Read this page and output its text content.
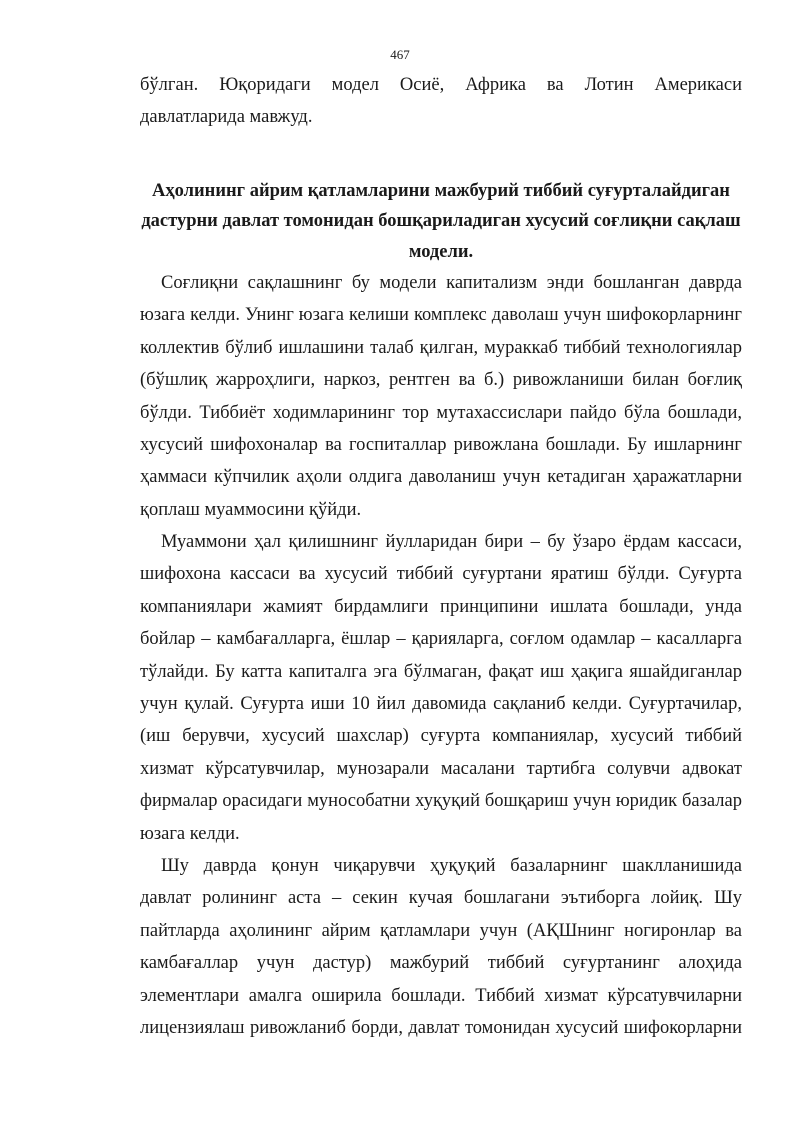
467
бўлган. Юқоридаги модел Осиё, Африка ва Лотин Америкаси
давлатларида мавжуд.
Аҳолининг айрим қатламларини мажбурий тиббий суғурталайдиган
дастурни давлат томонидан бошқариладиган хусусий соғлиқни сақлаш
модели.
Соғлиқни сақлашнинг бу модели капитализм энди бошланган даврда
юзага келди. Унинг юзага келиши комплекс даволаш учун шифокорларнинг
коллектив бўлиб ишлашини талаб қилган, мураккаб тиббий технологиялар
(бўшлиқ жарроҳлиги, наркоз, рентген ва б.) ривожланиши билан боғлиқ
бўлди. Тиббиёт ходимларининг тор мутахассислари пайдо бўла бошлади,
хусусий шифохоналар ва госпиталлар ривожлана бошлади. Бу ишларнинг
ҳаммаси кўпчилик аҳоли олдига даволаниш учун кетадиган ҳаражатларни
қоплаш муаммосини қўйди.
Муаммони ҳал қилишнинг йулларидан бири – бу ўзаро ёрдам кассаси,
шифохона кассаси ва хусусий тиббий суғуртани яратиш бўлди. Суғурта
компаниялари жамият бирдамлиги принципини ишлата бошлади, унда
бойлар – камбағалларга, ёшлар – қарияларга, соғлом одамлар – касалларга
тўлайди. Бу катта капиталга эга бўлмаган, фақат иш ҳақига яшайдиганлар
учун қулай. Суғурта иши 10 йил давомида сақланиб келди. Суғуртачилар,
(иш берувчи, хусусий шахслар) суғурта компаниялар, хусусий тиббий
хизмат кўрсатувчилар, мунозарали масалани тартибга солувчи адвокат
фирмалар орасидаги мунособатни хуқуқий бошқариш учун юридик базалар
юзага келди.
Шу даврда қонун чиқарувчи ҳуқуқий базаларнинг шаклланишида
давлат ролининг аста – секин кучая бошлагани эътиборга лойиқ. Шу
пайтларда аҳолининг айрим қатламлари учун (АҚШнинг ногиронлар ва
камбағаллар учун дастур) мажбурий тиббий суғуртанинг алоҳида
элементлари амалга оширила бошлади. Тиббий хизмат кўрсатувчиларни
лицензиялаш ривожланиб борди, давлат томонидан хусусий шифокорларни
